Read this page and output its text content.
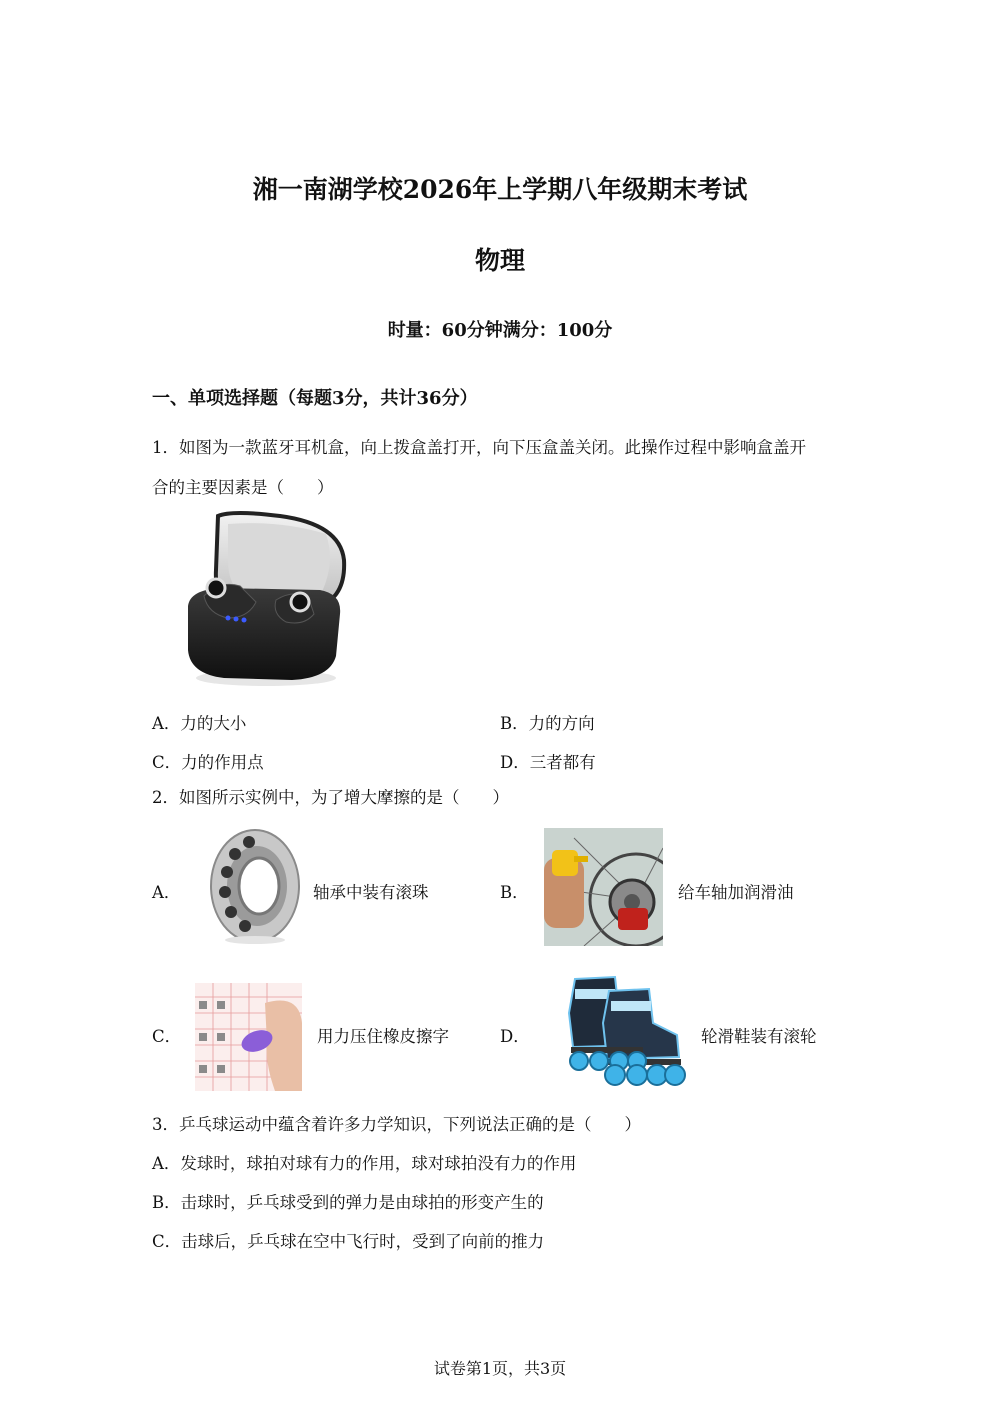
湘一南湖学校2026年上学期八年级期末考试
物理
时量：60分钟满分：100分
一、单项选择题（每题3分，共计36分）
1．如图为一款蓝牙耳机盒，向上拨盒盖打开，向下压盒盖关闭。此操作过程中影响盒盖开
合的主要因素是（　　）
A．力的大小	B．力的方向
C．力的作用点	D．三者都有
2．如图所示实例中，为了增大摩擦的是（　　）
A．	轴承中装有滚珠	B．	给车轴加润滑油
C．	用力压住橡皮擦字	D．	轮滑鞋装有滚轮
3．乒乓球运动中蕴含着许多力学知识，下列说法正确的是（　　）
A．发球时，球拍对球有力的作用，球对球拍没有力的作用
B．击球时，乒乓球受到的弹力是由球拍的形变产生的
C．击球后，乒乓球在空中飞行时，受到了向前的推力
试卷第1页，共3页
